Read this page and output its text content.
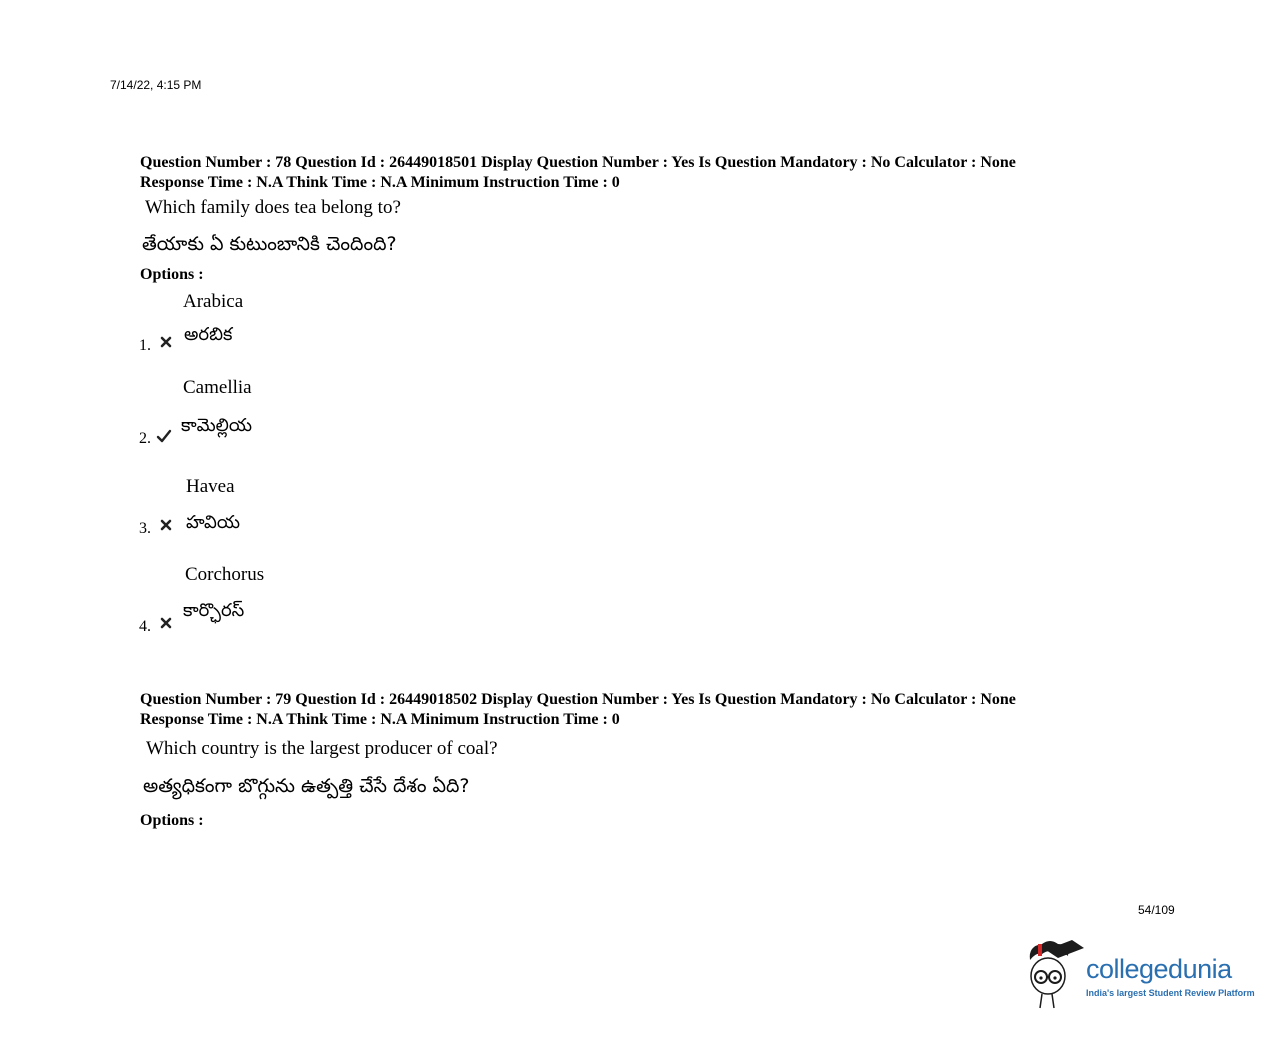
7/14/22, 4:15 PM
Question Number : 78 Question Id : 26449018501 Display Question Number : Yes Is Question Mandatory : No Calculator : None
Response Time : N.A Think Time : N.A Minimum Instruction Time : 0
Which family does tea belong to?
తేయాకు ఏ కుటుంబానికి చెందింది?
Options :
Arabica
అరబిక
1.
Camellia
కామెల్లియ
2.
Havea
హవియ
3.
Corchorus
కార్ఛొరస్
4.
Question Number : 79 Question Id : 26449018502 Display Question Number : Yes Is Question Mandatory : No Calculator : None
Response Time : N.A Think Time : N.A Minimum Instruction Time : 0
Which country is the largest producer of coal?
అత్యధికంగా బొగ్గును ఉత్పత్తి చేసే దేశం ఏది?
Options :
54/109
collegedunia
India's largest Student Review Platform
